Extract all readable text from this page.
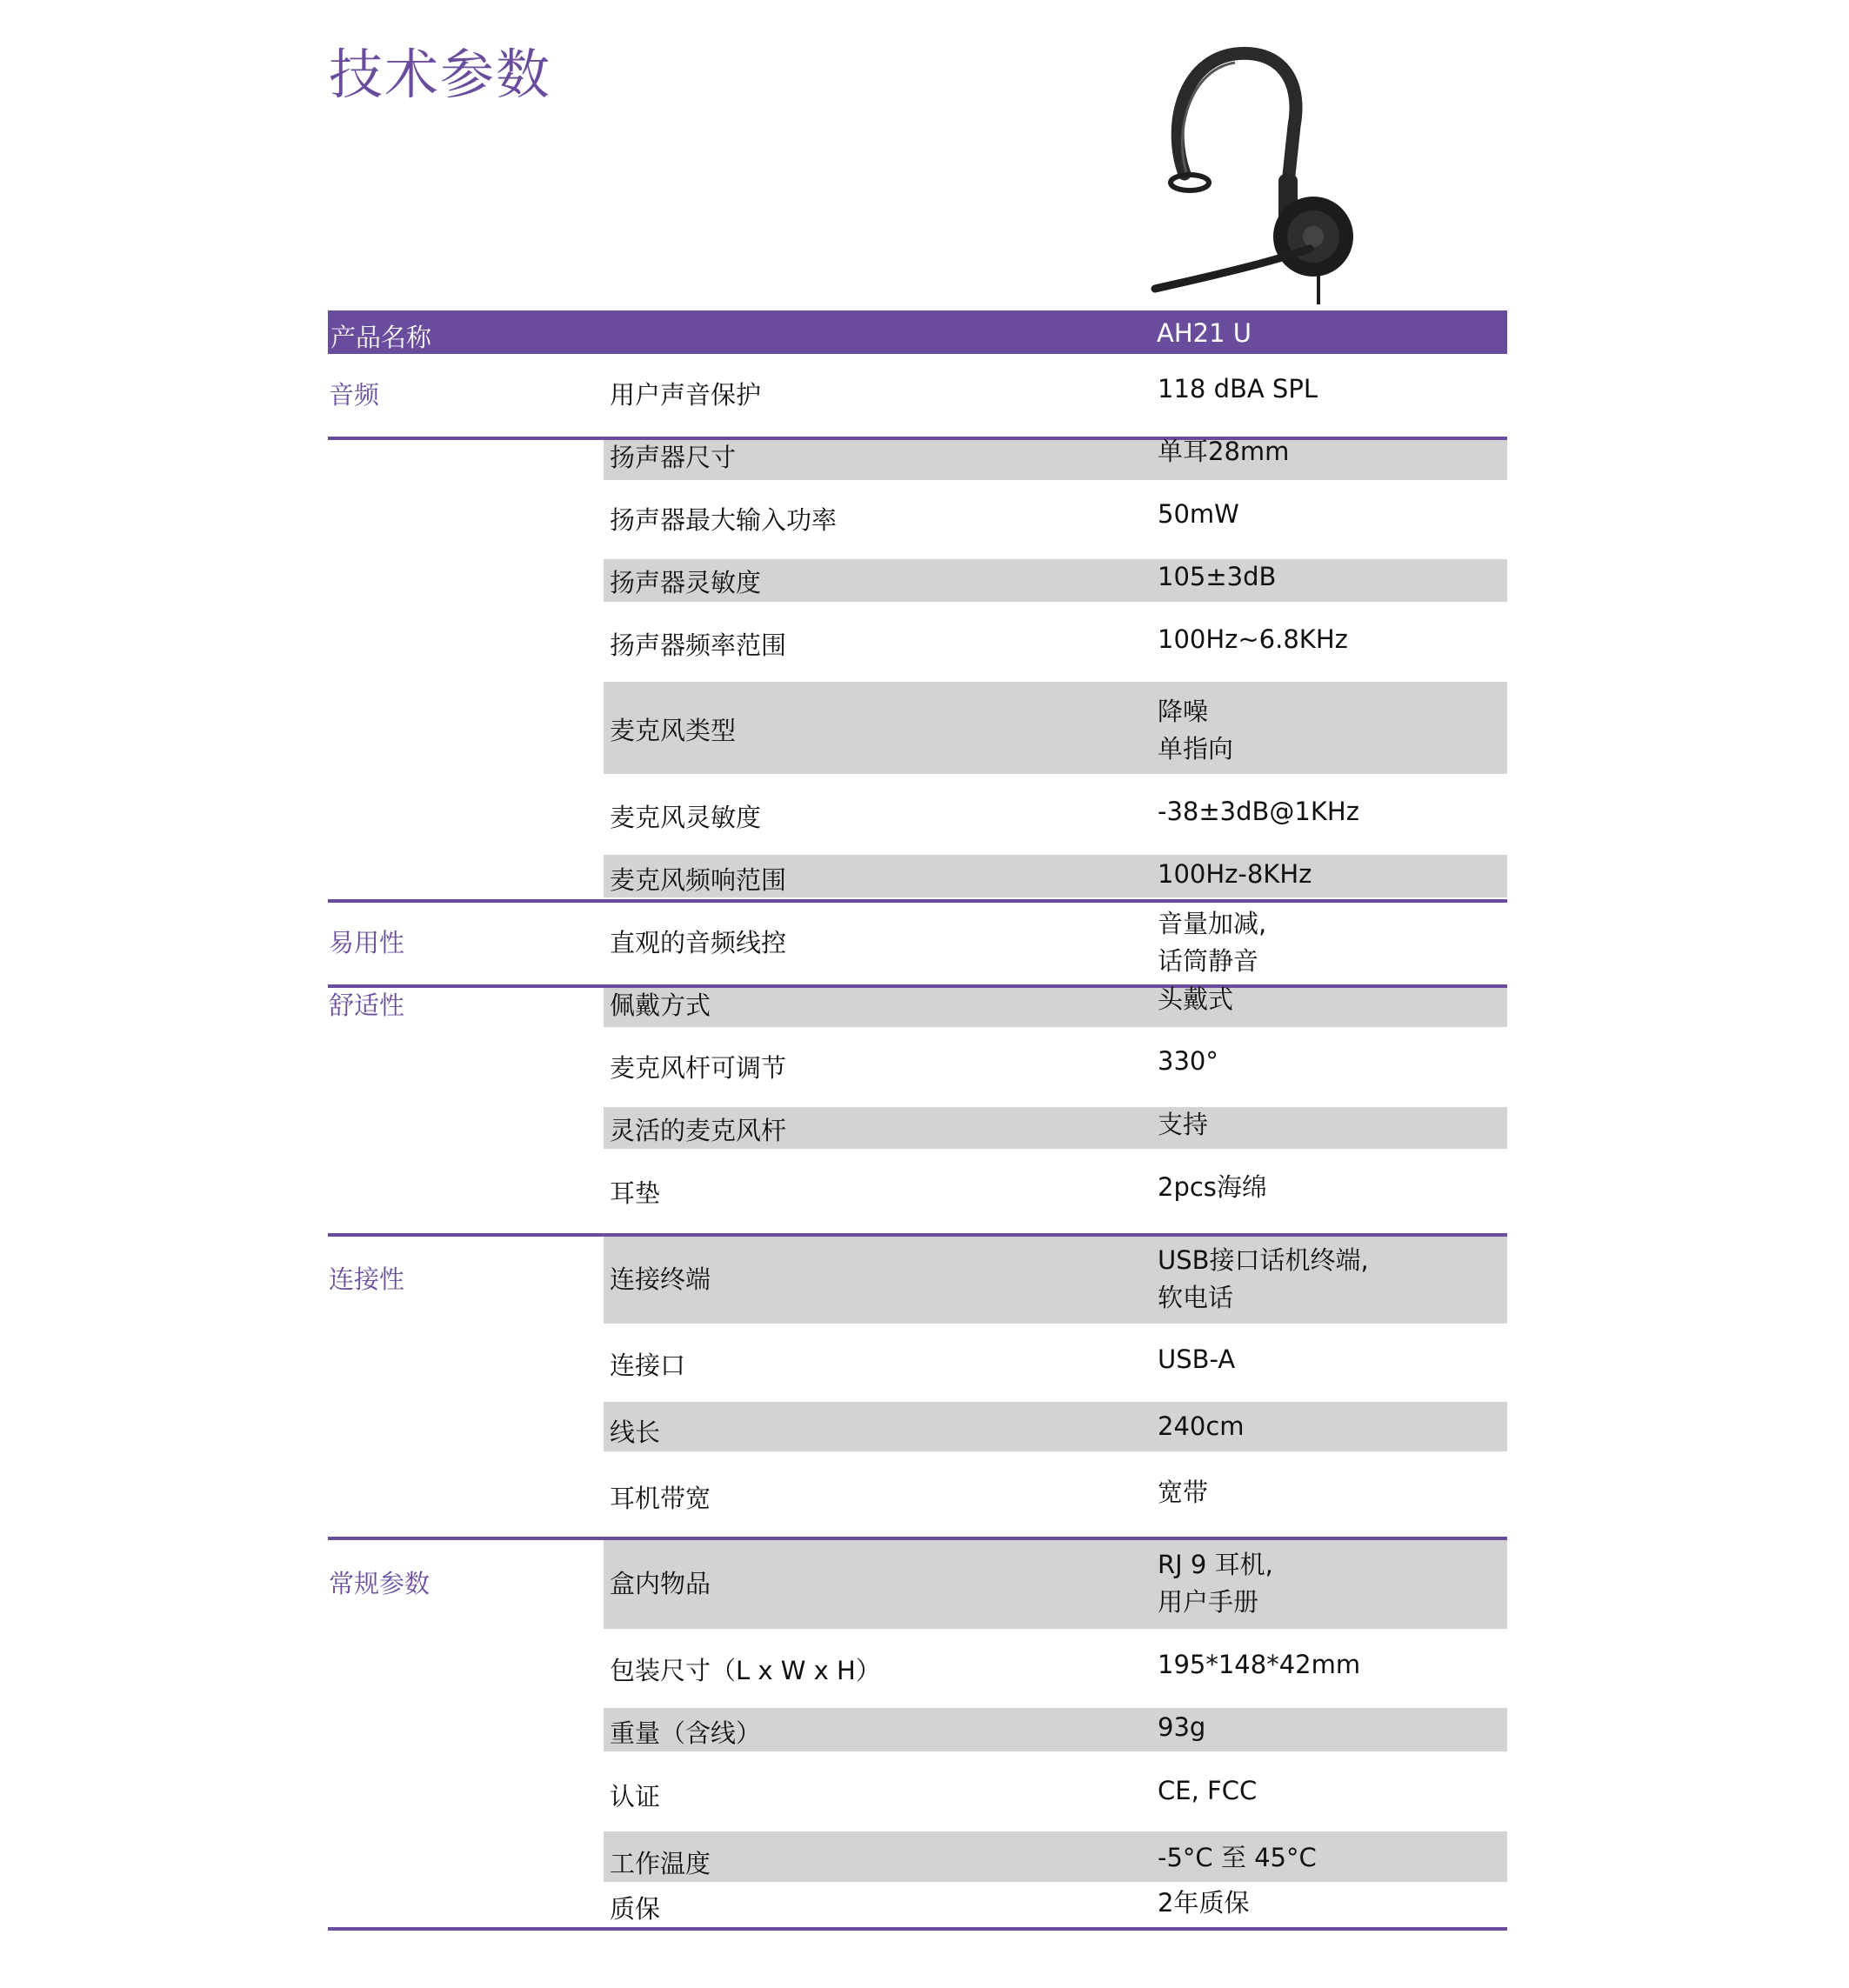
技术参数
产品名称	AH21 U
音频
易用性
舒适性
连接性
常规参数
用户声音保护
扬声器尺寸
扬声器最大输入功率
扬声器灵敏度
扬声器频率范围
麦克风类型
麦克风灵敏度
麦克风频响范围
直观的音频线控
佩戴方式
麦克风杆可调节
灵活的麦克风杆
耳垫
连接终端
连接口
线长
耳机带宽
盒内物品
包装尺寸（L x W x H）
重量（含线）
认证
工作温度
质保
118 dBA SPL
单耳28mm
50mW
105±3dB
100Hz~6.8KHz
降噪
单指向
-38±3dB@1KHz
100Hz-8KHz
音量加减,
话筒静音
头戴式
330°
支持
2pcs海绵
USB接口话机终端,
软电话
USB-A
240cm
宽带
RJ 9 耳机,
用户手册
195*148*42mm
93g
CE, FCC
-5°C 至 45°C
2年质保
